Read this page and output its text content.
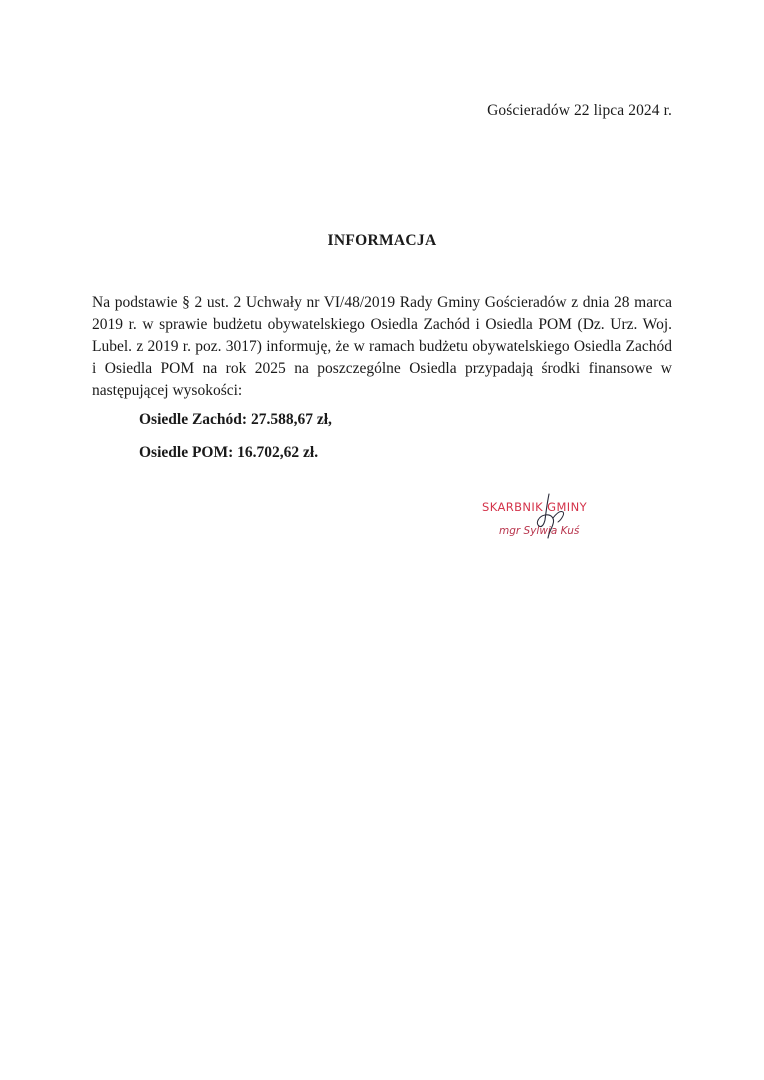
Gościeradów 22 lipca 2024 r.
INFORMACJA
Na podstawie § 2 ust. 2 Uchwały nr VI/48/2019 Rady Gminy Gościeradów z dnia 28 marca 2019 r. w sprawie budżetu obywatelskiego Osiedla Zachód i Osiedla POM (Dz. Urz. Woj. Lubel. z 2019 r. poz. 3017) informuję, że w ramach budżetu obywatelskiego Osiedla Zachód i Osiedla POM na rok 2025 na poszczególne Osiedla przypadają środki finansowe w następującej wysokości:
Osiedle Zachód: 27.588,67 zł,
Osiedle POM: 16.702,62 zł.
SKARBNIK GMINY
mgr Sylwia Kuś
